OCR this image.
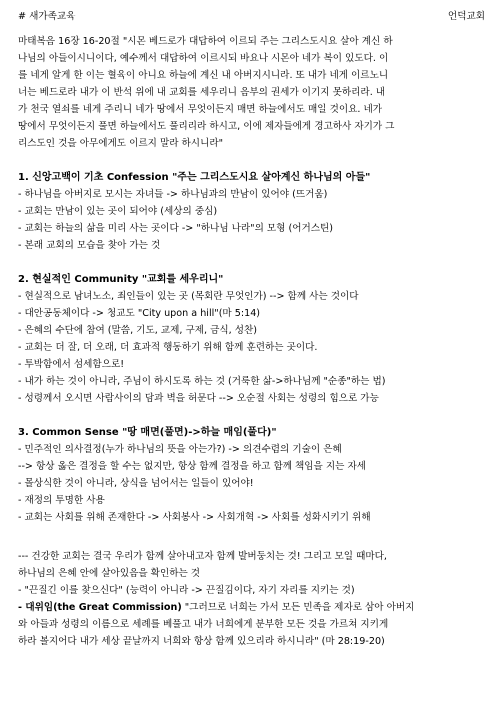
# 새가족교육	언덕교회
마태복음 16장 16-20절 "시몬 베드로가 대답하여 이르되 주는 그리스도시요 살아 계신 하
나님의 아들이시니이다, 예수께서 대답하여 이르시되 바요나 시몬아 네가 복이 있도다. 이
를 네게 알게 한 이는 혈육이 아니요 하늘에 계신 내 아버지시니라. 또 내가 네게 이르노니
너는 베드로라 내가 이 반석 위에 내 교회를 세우리니 음부의 권세가 이기지 못하리라. 내
가 천국 열쇠를 네게 주리니 네가 땅에서 무엇이든지 매면 하늘에서도 매일 것이요. 네가
땅에서 무엇이든지 풀면 하늘에서도 풀리리라 하시고, 이에 제자들에게 경고하사 자기가 그
리스도인 것을 아무에게도 이르지 말라 하시니라"
1. 신앙고백이 기초 Confession "주는 그리스도시요 살아계신 하나님의 아들"
- 하나님을 아버지로 모시는 자녀들 -> 하나님과의 만남이 있어야 (뜨거움)
- 교회는 만남이 있는 곳이 되어야 (세상의 중심)
- 교회는 하늘의 삶을 미리 사는 곳이다 -> "하나님 나라"의 모형 (어거스틴)
- 본래 교회의 모습을 찾아 가는 것
2. 현실적인 Community "교회를 세우리니"
- 현실적으로 남녀노소, 죄인들이 있는 곳 (목회란 무엇인가) --> 함께 사는 것이다
- 대안공동체이다 -> 청교도 "City upon a hill"(마 5:14)
- 은혜의 수단에 참여 (말씀, 기도, 교제, 구제, 금식, 성찬)
- 교회는 더 잘, 더 오래, 더 효과적 행동하기 위해 함께 훈련하는 곳이다.
- 투박함에서 섬세함으로!
- 내가 하는 것이 아니라, 주님이 하시도록 하는 것 (거룩한 삶->하나님께 "순종"하는 법)
- 성령께서 오시면 사람사이의 담과 벽을 허문다 --> 오순절 사회는 성령의 힘으로 가능
3. Common Sense "땅 매면(풀면)->하늘 매임(풀다)"
- 민주적인 의사결정(누가 하나님의 뜻을 아는가?) -> 의견수렴의 기술이 은혜
--> 항상 옳은 결정을 할 수는 없지만, 항상 함께 결정을 하고 함께 책임을 지는 자세
- 몰상식한 것이 아니라, 상식을 넘어서는 일들이 있어야!
- 재정의 투명한 사용
- 교회는 사회를 위해 존재한다 -> 사회봉사 -> 사회개혁 -> 사회를 성화시키기 위해
--- 건강한 교회는 결국 우리가 함께 살아내고자 함께 발버둥치는 것! 그리고 모일 때마다,
하나님의 은혜 안에 살아있음을 확인하는 것
- "끈질긴 이를 찾으신다" (능력이 아니라 -> 끈질김이다, 자기 자리를 지키는 것)
- 대위임(the Great Commission) "그러므로 너희는 가서 모든 민족을 제자로 삼아 아버지
와 아들과 성령의 이름으로 세례를 베풀고 내가 너희에게 분부한 모든 것을 가르쳐 지키게
하라 볼지어다 내가 세상 끝날까지 너희와 항상 함께 있으리라 하시니라" (마 28:19-20)
